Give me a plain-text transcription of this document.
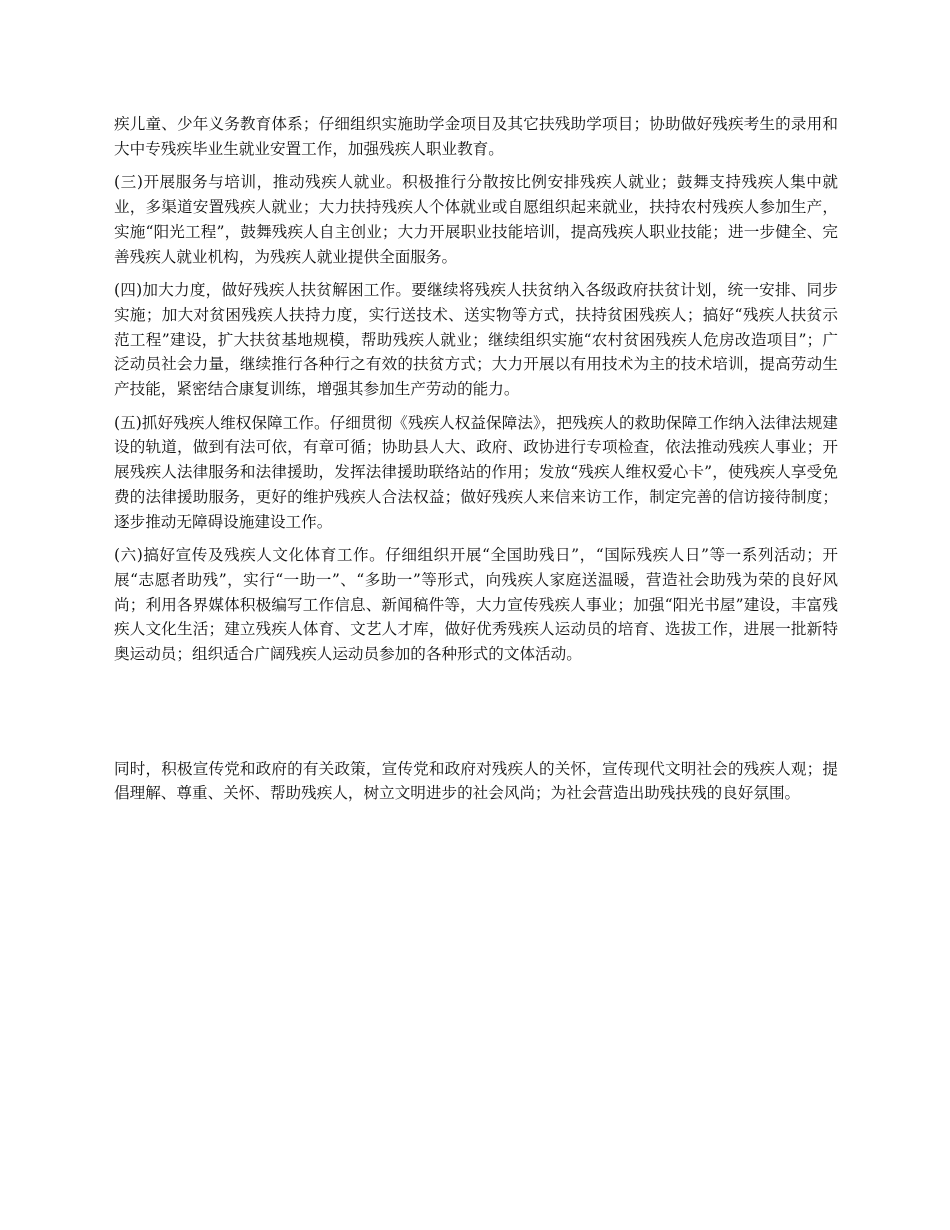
疾儿童、少年义务教育体系；仔细组织实施助学金项目及其它扶残助学项目；协助做好残疾考生的录用和大中专残疾毕业生就业安置工作，加强残疾人职业教育。

(三)开展服务与培训，推动残疾人就业。积极推行分散按比例安排残疾人就业；鼓舞支持残疾人集中就业，多渠道安置残疾人就业；大力扶持残疾人个体就业或自愿组织起来就业，扶持农村残疾人参加生产，实施“阳光工程”，鼓舞残疾人自主创业；大力开展职业技能培训，提高残疾人职业技能；进一步健全、完善残疾人就业机构，为残疾人就业提供全面服务。

(四)加大力度，做好残疾人扶贫解困工作。要继续将残疾人扶贫纳入各级政府扶贫计划，统一安排、同步实施；加大对贫困残疾人扶持力度，实行送技术、送实物等方式，扶持贫困残疾人；搞好“残疾人扶贫示范工程”建设，扩大扶贫基地规模，帮助残疾人就业；继续组织实施“农村贫困残疾人危房改造项目”；广泛动员社会力量，继续推行各种行之有效的扶贫方式；大力开展以有用技术为主的技术培训，提高劳动生产技能，紧密结合康复训练，增强其参加生产劳动的能力。

(五)抓好残疾人维权保障工作。仔细贯彻《残疾人权益保障法》，把残疾人的救助保障工作纳入法律法规建设的轨道，做到有法可依，有章可循；协助县人大、政府、政协进行专项检查，依法推动残疾人事业；开展残疾人法律服务和法律援助，发挥法律援助联络站的作用；发放“残疾人维权爱心卡”，使残疾人享受免费的法律援助服务，更好的维护残疾人合法权益；做好残疾人来信来访工作，制定完善的信访接待制度；逐步推动无障碍设施建设工作。

(六)搞好宣传及残疾人文化体育工作。仔细组织开展“全国助残日”，“国际残疾人日”等一系列活动；开展“志愿者助残”，实行“一助一”、“多助一”等形式，向残疾人家庭送温暖，营造社会助残为荣的良好风尚；利用各界媒体积极编写工作信息、新闻稿件等，大力宣传残疾人事业；加强“阳光书屋”建设，丰富残疾人文化生活；建立残疾人体育、文艺人才库，做好优秀残疾人运动员的培育、选拔工作，进展一批新特奥运动员；组织适合广阔残疾人运动员参加的各种形式的文体活动。

同时，积极宣传党和政府的有关政策，宣传党和政府对残疾人的关怀，宣传现代文明社会的残疾人观；提倡理解、尊重、关怀、帮助残疾人，树立文明进步的社会风尚；为社会营造出助残扶残的良好氛围。
